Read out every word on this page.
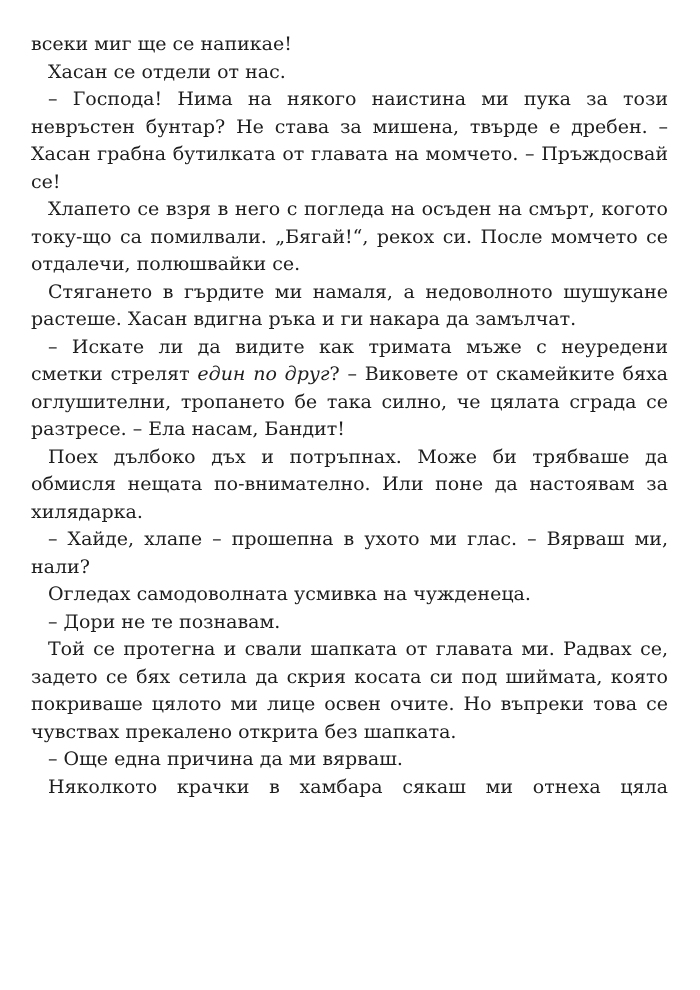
всеки миг ще се напикае!

Хасан се отдели от нас.

– Господа! Нима на някого наистина ми пука за този невръстен бунтар? Не става за мишена, твърде е дребен. – Хасан грабна бутилката от главата на момчето. – Пръждосвай се!

Хлапето се взря в него с погледа на осъден на смърт, когото току-що са помилвали. „Бягай!“, рекох си. После момчето се отдалечи, полюшвайки се.

Стягането в гърдите ми намаля, а недоволното шушукане растеше. Хасан вдигна ръка и ги накара да замълчат.

– Искате ли да видите как тримата мъже с неуредени сметки стрелят един по друг? – Виковете от скамейките бяха оглушителни, тропането бе така силно, че цялата сграда се разтресе. – Ела насам, Бандит!

Поех дълбоко дъх и потръпнах. Може би трябваше да обмисля нещата по-внимателно. Или поне да настоявам за хилядарка.

– Хайде, хлапе – прошепна в ухото ми глас. – Вярваш ми, нали?

Огледах самодоволната усмивка на чужденеца.

– Дори не те познавам.

Той се протегна и свали шапката от главата ми. Радвах се, задето се бях сетила да скрия косата си под шиймата, която покриваше цялото ми лице освен очите. Но въпреки това се чувствах прекалено открита без шапката.

– Още една причина да ми вярваш.

Няколкото крачки в хамбара сякаш ми отнеха цяла
